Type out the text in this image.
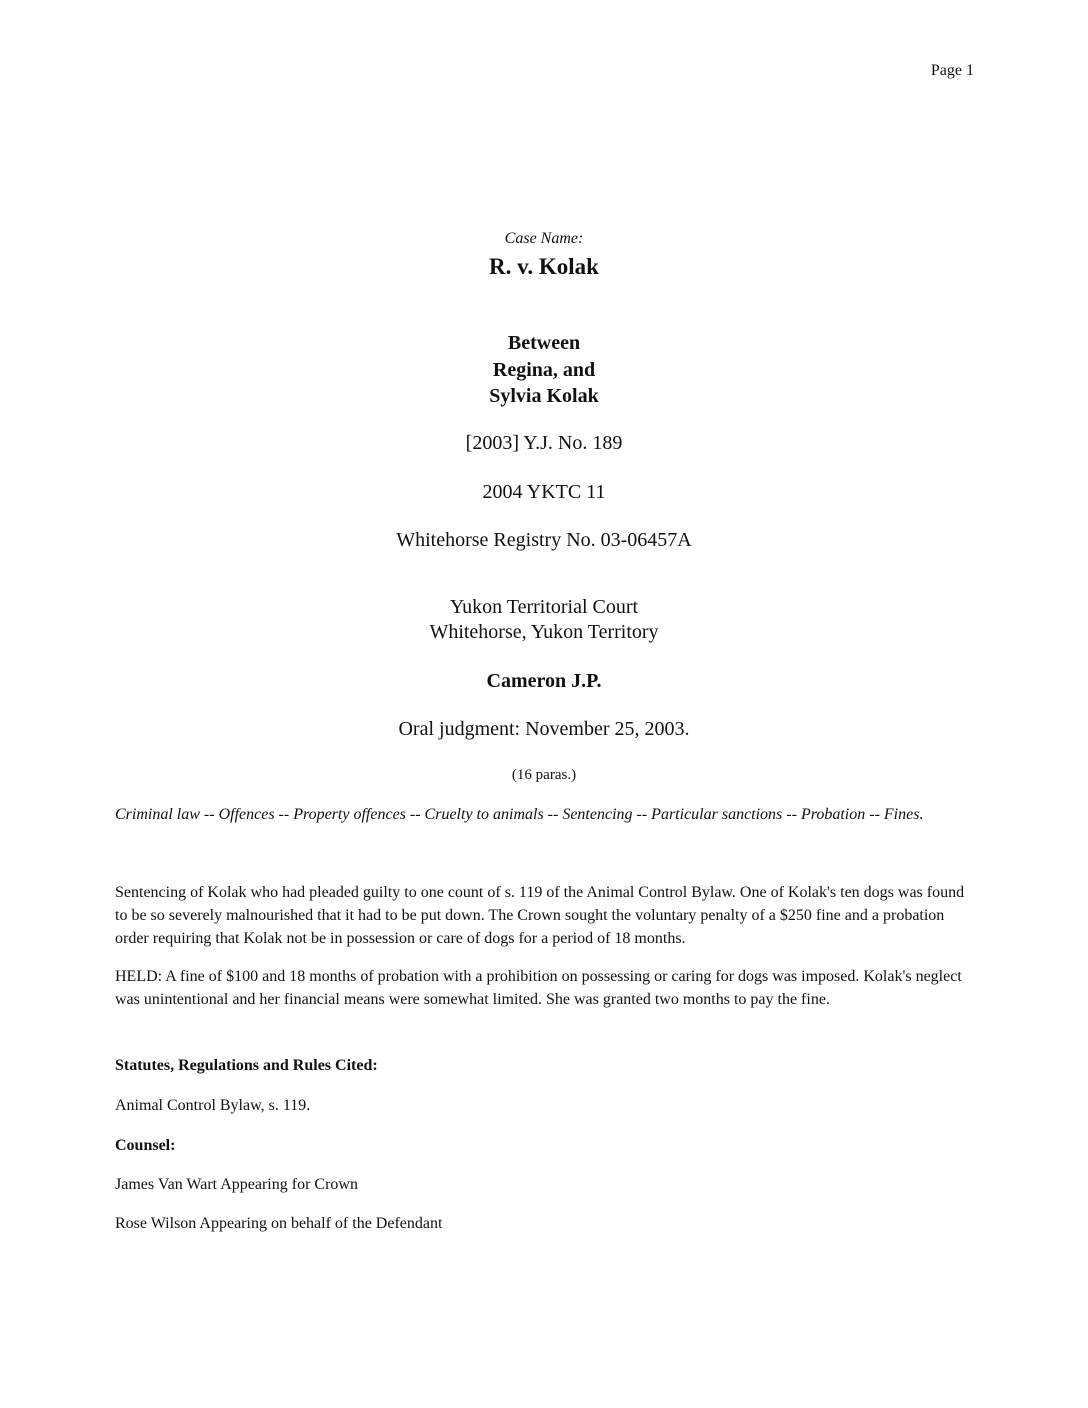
Page 1
Case Name:
R. v. Kolak
Between
Regina, and
Sylvia Kolak
[2003] Y.J. No. 189
2004 YKTC 11
Whitehorse Registry No. 03-06457A
Yukon Territorial Court
Whitehorse, Yukon Territory
Cameron J.P.
Oral judgment: November 25, 2003.
(16 paras.)
Criminal law -- Offences -- Property offences -- Cruelty to animals -- Sentencing -- Particular sanctions -- Probation -- Fines.
Sentencing of Kolak who had pleaded guilty to one count of s. 119 of the Animal Control Bylaw. One of Kolak's ten dogs was found to be so severely malnourished that it had to be put down. The Crown sought the voluntary penalty of a $250 fine and a probation order requiring that Kolak not be in possession or care of dogs for a period of 18 months.
HELD: A fine of $100 and 18 months of probation with a prohibition on possessing or caring for dogs was imposed. Kolak's neglect was unintentional and her financial means were somewhat limited. She was granted two months to pay the fine.
Statutes, Regulations and Rules Cited:
Animal Control Bylaw, s. 119.
Counsel:
James Van Wart Appearing for Crown
Rose Wilson Appearing on behalf of the Defendant
